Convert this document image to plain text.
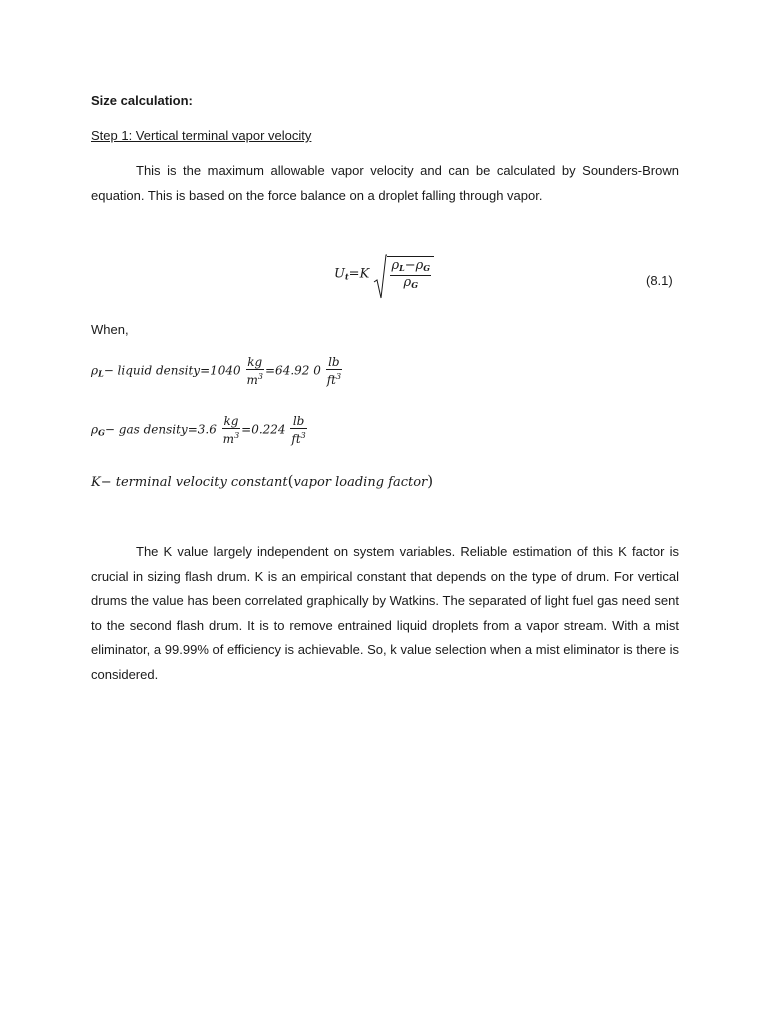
Size calculation:
Step 1: Vertical terminal vapor velocity

This is the maximum allowable vapor velocity and can be calculated by Sounders-Brown equation. This is based on the force balance on a droplet falling through vapor.

$U_t=K \frac{\rho_L-\rho_G}{\rho_G}$	(8.1)
When,
$\rho_L-$ liquid density=1040 $\frac{kg}{m^3} =64.92$ $0 \frac{lb}{ft^3}$
$\rho_G-$ gas density=3.6 $\frac{kg}{m^3} =0.224 \frac{lb}{ft^3}$
K− terminal velocity constant(vapor loading factor)

The K value largely independent on system variables. Reliable estimation of this K factor is crucial in sizing flash drum. K is an empirical constant that depends on the type of drum. For vertical drums the value has been correlated graphically by Watkins. The separated of light fuel gas need sent to the second flash drum. It is to remove entrained liquid droplets from a vapor stream. With a mist eliminator, a 99.99% of efficiency is achievable. So, k value selection when a mist eliminator is there is considered.
